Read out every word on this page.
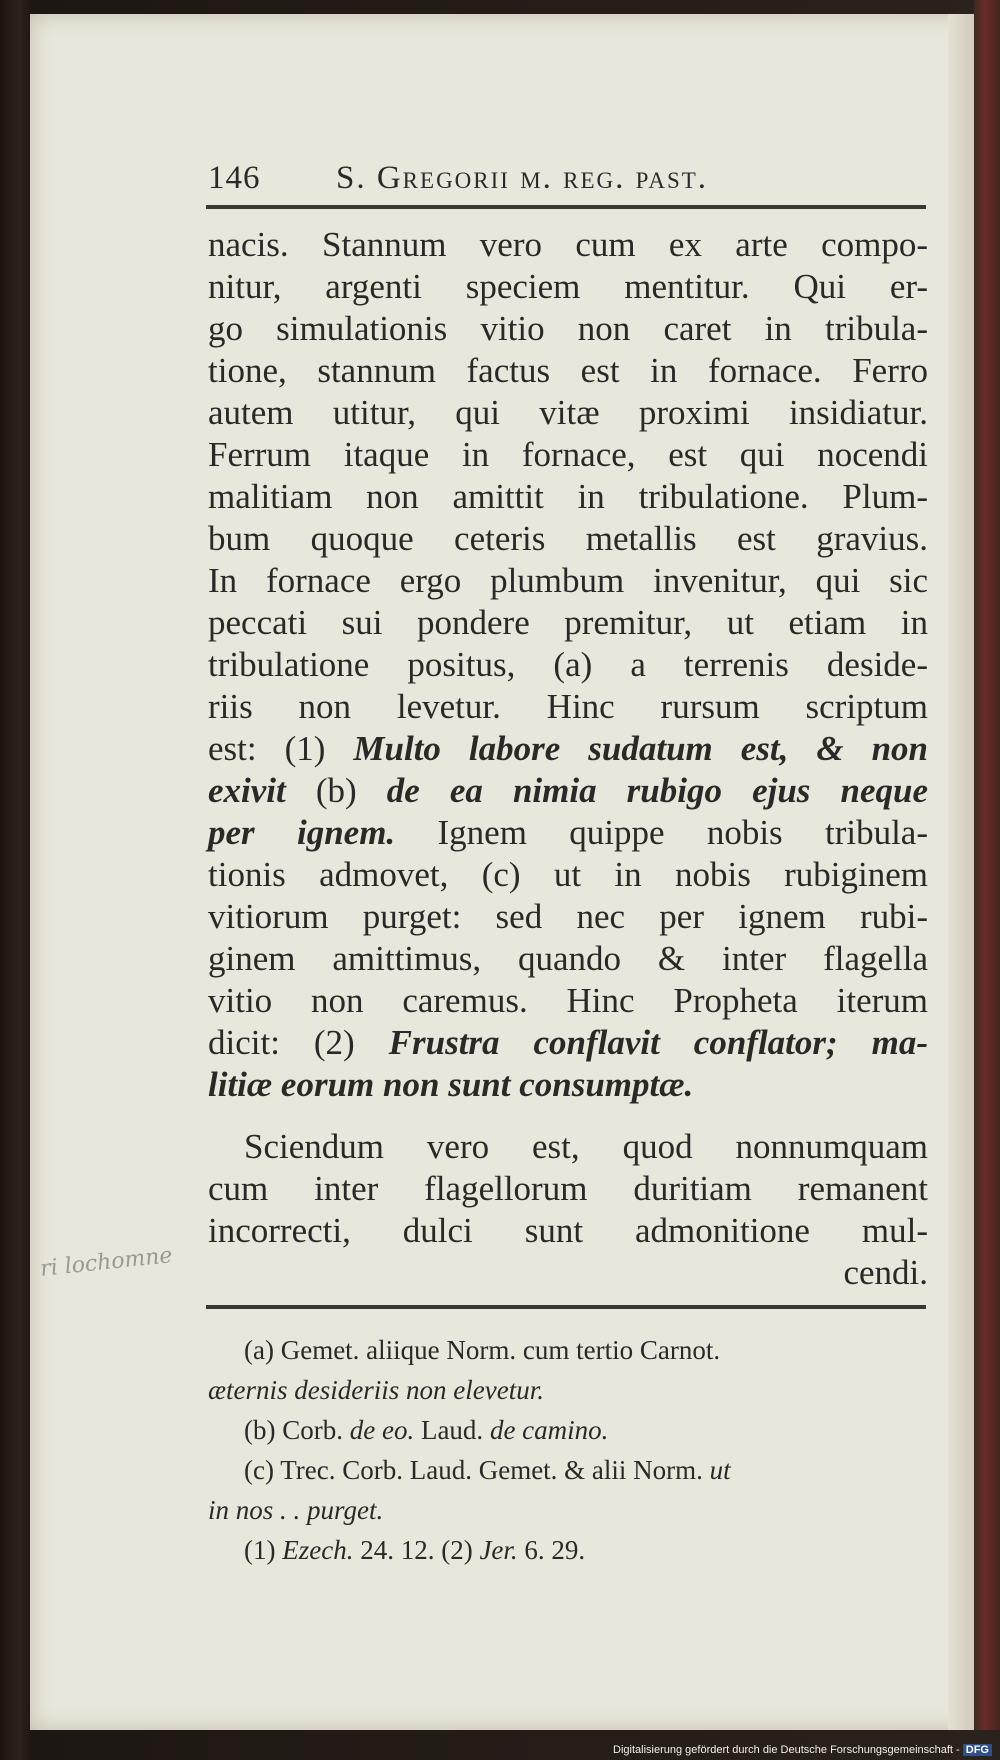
146 S. Gregorii m. reg. past.
nacis. Stannum vero cum ex arte compo-
nitur, argenti speciem mentitur. Qui er-
go simulationis vitio non caret in tribula-
tione, stannum factus est in fornace. Ferro
autem utitur, qui vitæ proximi insidiatur.
Ferrum itaque in fornace, est qui nocendi
malitiam non amittit in tribulatione. Plum-
bum quoque ceteris metallis est gravius.
In fornace ergo plumbum invenitur, qui sic
peccati sui pondere premitur, ut etiam in
tribulatione positus, (a) a terrenis deside-
riis non levetur. Hinc rursum scriptum
est: (1) Multo labore sudatum est, & non
exivit (b) de ea nimia rubigo ejus neque
per ignem. Ignem quippe nobis tribula-
tionis admovet, (c) ut in nobis rubiginem
vitiorum purget: sed nec per ignem rubi-
ginem amittimus, quando & inter flagella
vitio non caremus. Hinc Propheta iterum
dicit: (2) Frustra conflavit conflator; ma-
litiæ eorum non sunt consumptæ.
Sciendum vero est, quod nonnumquam
cum inter flagellorum duritiam remanent
incorrecti, dulci sunt admonitione mul-
cendi.
ri lochomne
(a) Gemet. aliique Norm. cum tertio Carnot.
æternis desideriis non elevetur.
(b) Corb. de eo. Laud. de camino.
(c) Trec. Corb. Laud. Gemet. & alii Norm. ut
in nos . . purget.
(1) Ezech. 24. 12. (2) Jer. 6. 29.
Digitalisierung gefördert durch die Deutsche Forschungsgemeinschaft - DFG
